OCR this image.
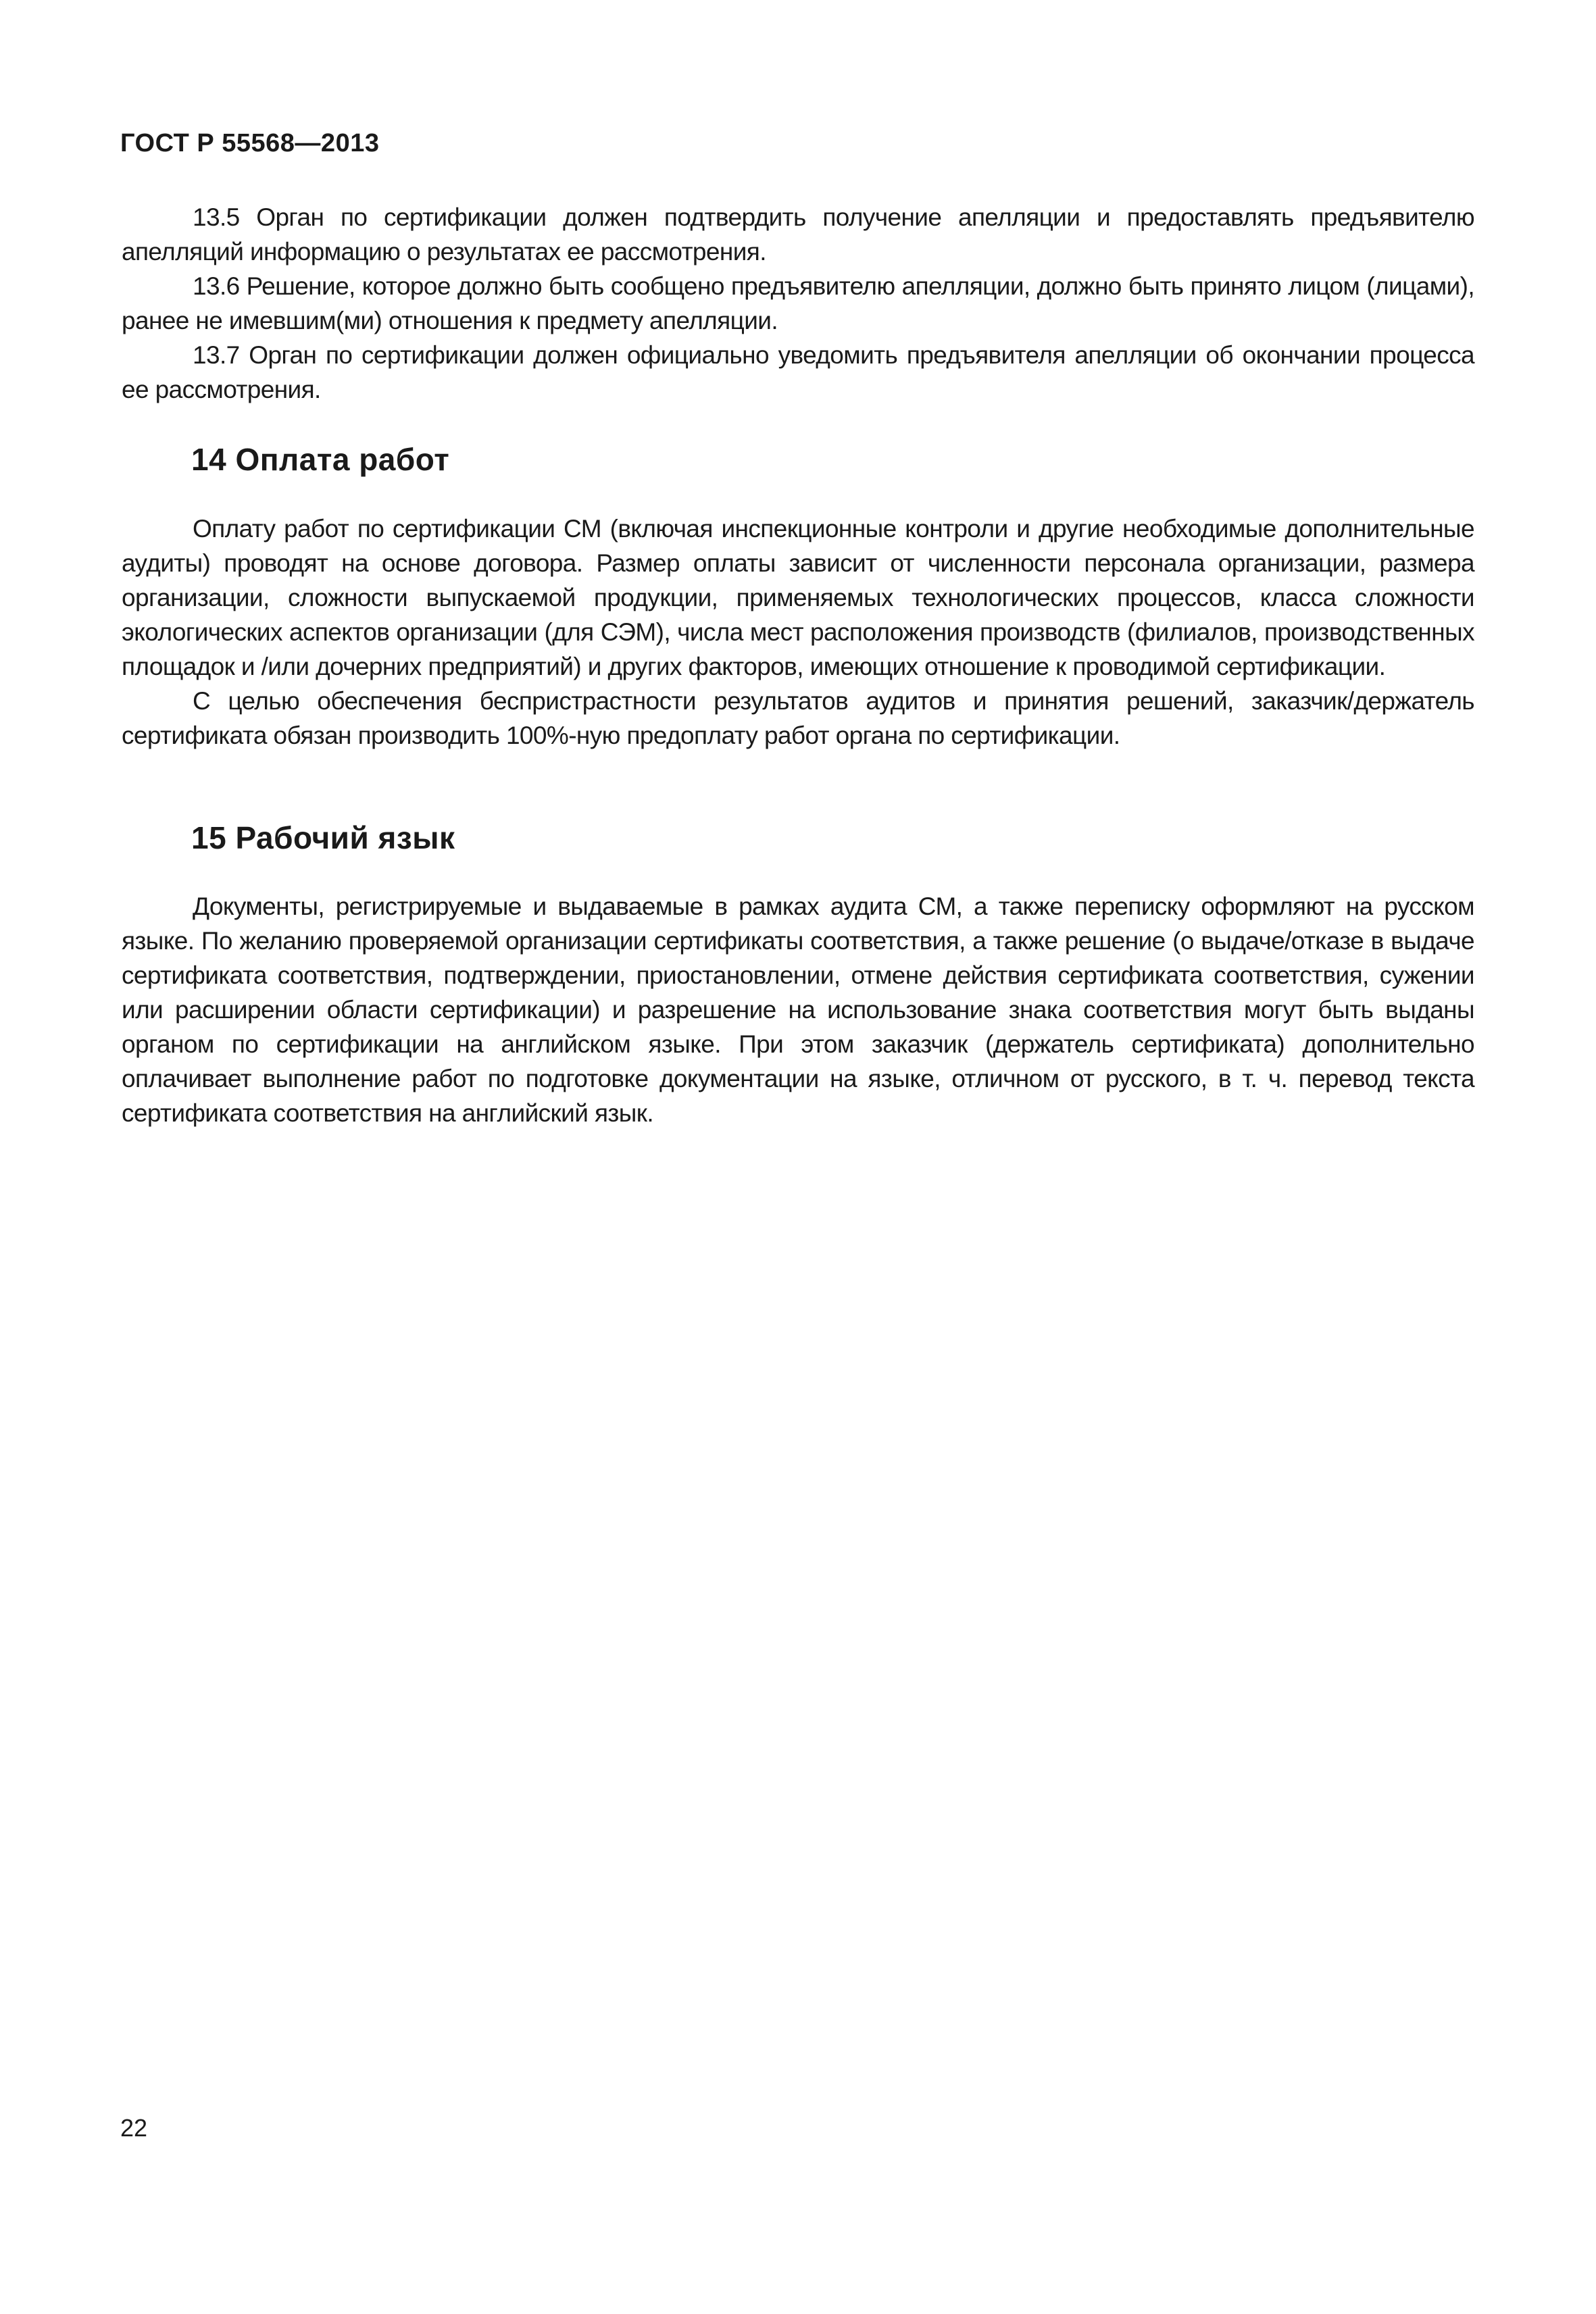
ГОСТ Р 55568—2013

13.5 Орган по сертификации должен подтвердить получение апелляции и предоставлять предъявителю апелляций информацию о результатах ее рассмотрения.

13.6 Решение, которое должно быть сообщено предъявителю апелляции, должно быть принято лицом (лицами), ранее не имевшим(ми) отношения к предмету апелляции.

13.7 Орган по сертификации должен официально уведомить предъявителя апелляции об окончании процесса ее рассмотрения.

14 Оплата работ

Оплату работ по сертификации СМ (включая инспекционные контроли и другие необходимые дополнительные аудиты) проводят на основе договора. Размер оплаты зависит от численности персонала организации, размера организации, сложности выпускаемой продукции, применяемых технологических процессов, класса сложности экологических аспектов организации (для СЭМ), числа мест расположения производств (филиалов, производственных площадок и /или дочерних предприятий) и других факторов, имеющих отношение к проводимой сертификации.

С целью обеспечения беспристрастности результатов аудитов и принятия решений, заказчик/держатель сертификата обязан производить 100%-ную предоплату работ органа по сертификации.

15 Рабочий язык

Документы, регистрируемые и выдаваемые в рамках аудита СМ, а также переписку оформляют на русском языке. По желанию проверяемой организации сертификаты соответствия, а также решение (о выдаче/отказе в выдаче сертификата соответствия, подтверждении, приостановлении, отмене действия сертификата соответствия, сужении или расширении области сертификации) и разрешение на использование знака соответствия могут быть выданы органом по сертификации на английском языке. При этом заказчик (держатель сертификата) дополнительно оплачивает выполнение работ по подготовке документации на языке, отличном от русского, в т. ч. перевод текста сертификата соответствия на английский язык.

22
